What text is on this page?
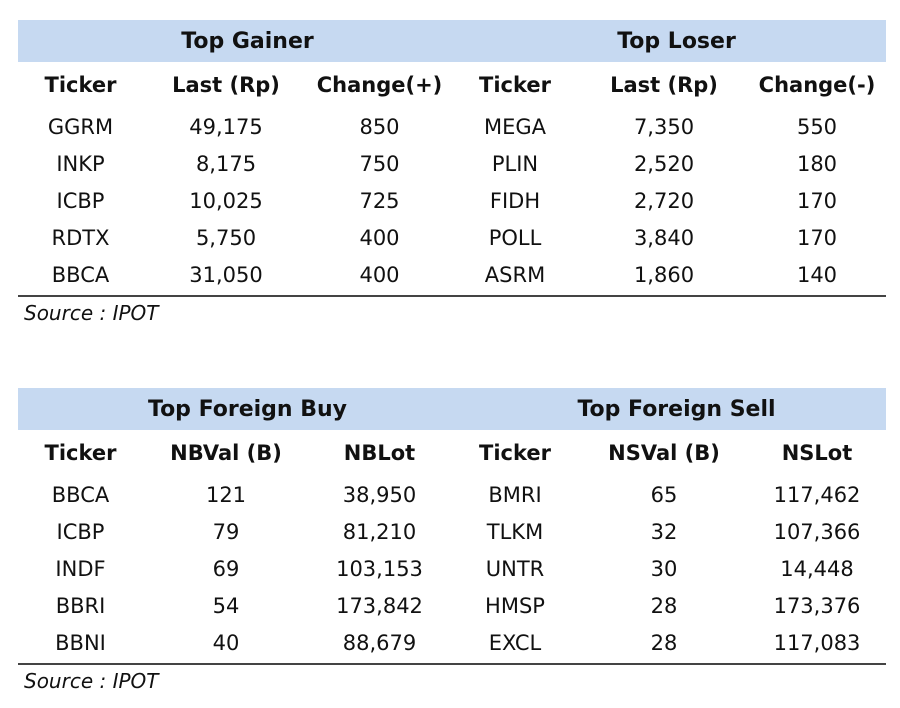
Top Gainer	Top Loser
Ticker	Last (Rp)	Change(+)	Ticker	Last (Rp)	Change(-)
GGRM	49,175	850	MEGA	7,350	550
INKP	8,175	750	PLIN	2,520	180
ICBP	10,025	725	FIDH	2,720	170
RDTX	5,750	400	POLL	3,840	170
BBCA	31,050	400	ASRM	1,860	140
Source : IPOT
Top Foreign Buy	Top Foreign Sell
Ticker	NBVal (B)	NBLot	Ticker	NSVal (B)	NSLot
BBCA	121	38,950	BMRI	65	117,462
ICBP	79	81,210	TLKM	32	107,366
INDF	69	103,153	UNTR	30	14,448
BBRI	54	173,842	HMSP	28	173,376
BBNI	40	88,679	EXCL	28	117,083
Source : IPOT
